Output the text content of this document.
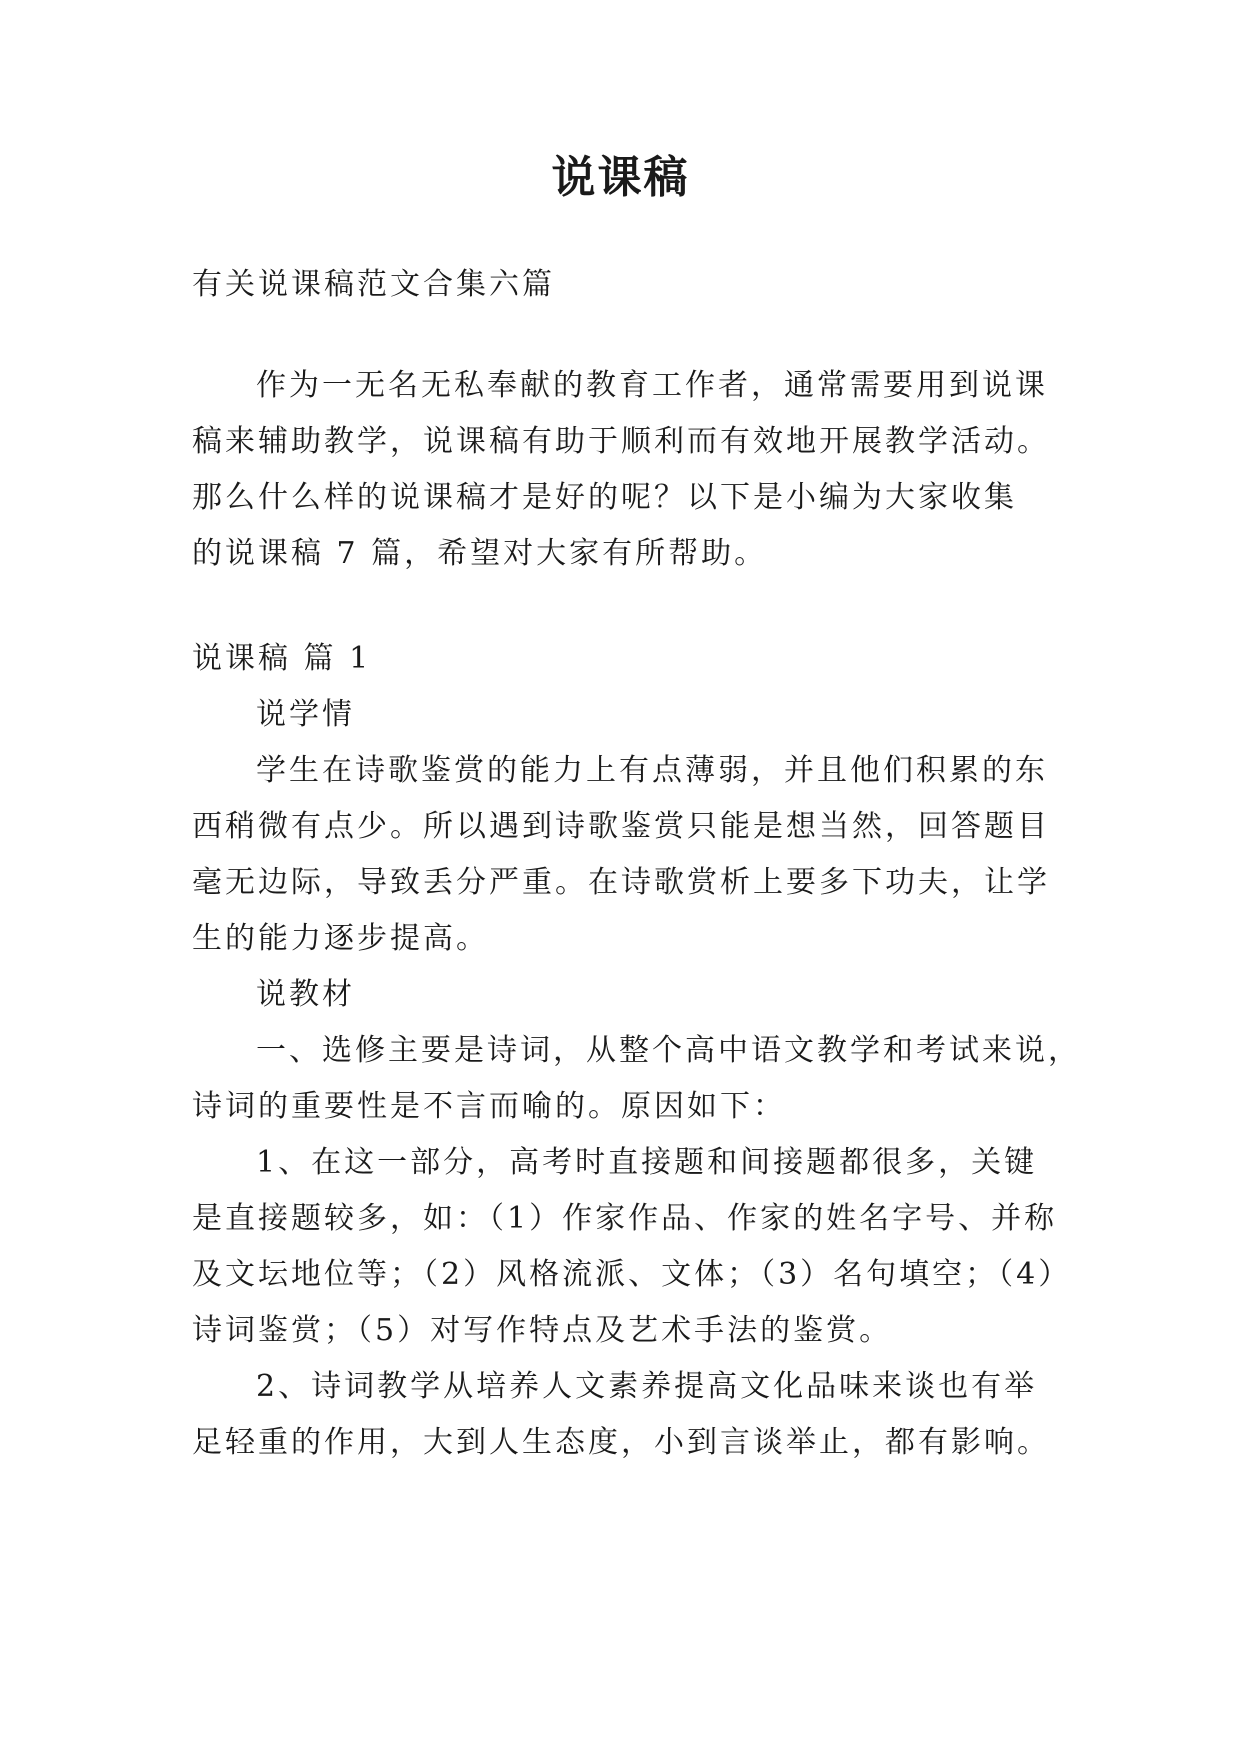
说课稿
有关说课稿范文合集六篇
作为一无名无私奉献的教育工作者，通常需要用到说课
稿来辅助教学，说课稿有助于顺利而有效地开展教学活动。
那么什么样的说课稿才是好的呢？以下是小编为大家收集
的说课稿 7 篇，希望对大家有所帮助。
说课稿 篇 1
说学情
学生在诗歌鉴赏的能力上有点薄弱，并且他们积累的东
西稍微有点少。所以遇到诗歌鉴赏只能是想当然，回答题目
毫无边际，导致丢分严重。在诗歌赏析上要多下功夫，让学
生的能力逐步提高。
说教材
一、选修主要是诗词，从整个高中语文教学和考试来说，
诗词的重要性是不言而喻的。原因如下：
1、在这一部分，高考时直接题和间接题都很多，关键
是直接题较多，如：（1）作家作品、作家的姓名字号、并称
及文坛地位等；（2）风格流派、文体；（3）名句填空；（4）
诗词鉴赏；（5）对写作特点及艺术手法的鉴赏。
2、诗词教学从培养人文素养提高文化品味来谈也有举
足轻重的作用，大到人生态度，小到言谈举止，都有影响。
